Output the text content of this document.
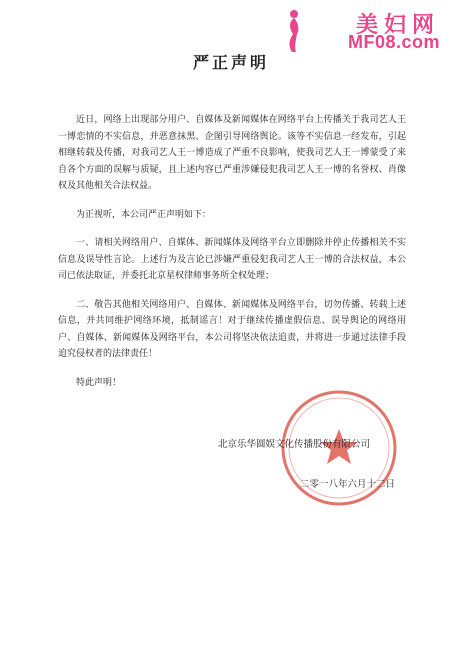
美妇网
MF08.com
严正声明

近日，网络上出现部分用户、自媒体及新闻媒体在网络平台上传播关于我司艺人王一博恋情的不实信息，并恶意抹黑、企图引导网络舆论。该等不实信息一经发布，引起相继转载及传播，对我司艺人王一博造成了严重不良影响，使我司艺人王一博蒙受了来自各个方面的误解与质疑，且上述内容已严重涉嫌侵犯我司艺人王一博的名誉权、肖像权及其他相关合法权益。

为正视听，本公司严正声明如下：

一、请相关网络用户、自媒体、新闻媒体及网络平台立即删除并停止传播相关不实信息及误导性言论。上述行为及言论已涉嫌严重侵犯我司艺人王一博的合法权益，本公司已依法取证，并委托北京星权律师事务所全权处理；

二、敬告其他相关网络用户、自媒体、新闻媒体及网络平台，切勿传播、转载上述信息，并共同维护网络环境，抵制谣言！对于继续传播虚假信息、误导舆论的网络用户、自媒体、新闻媒体及网络平台，本公司将坚决依法追责，并将进一步通过法律手段追究侵权者的法律责任！

特此声明！

北京乐华圆娱文化传播股份有限公司
二零一八年六月十二日
